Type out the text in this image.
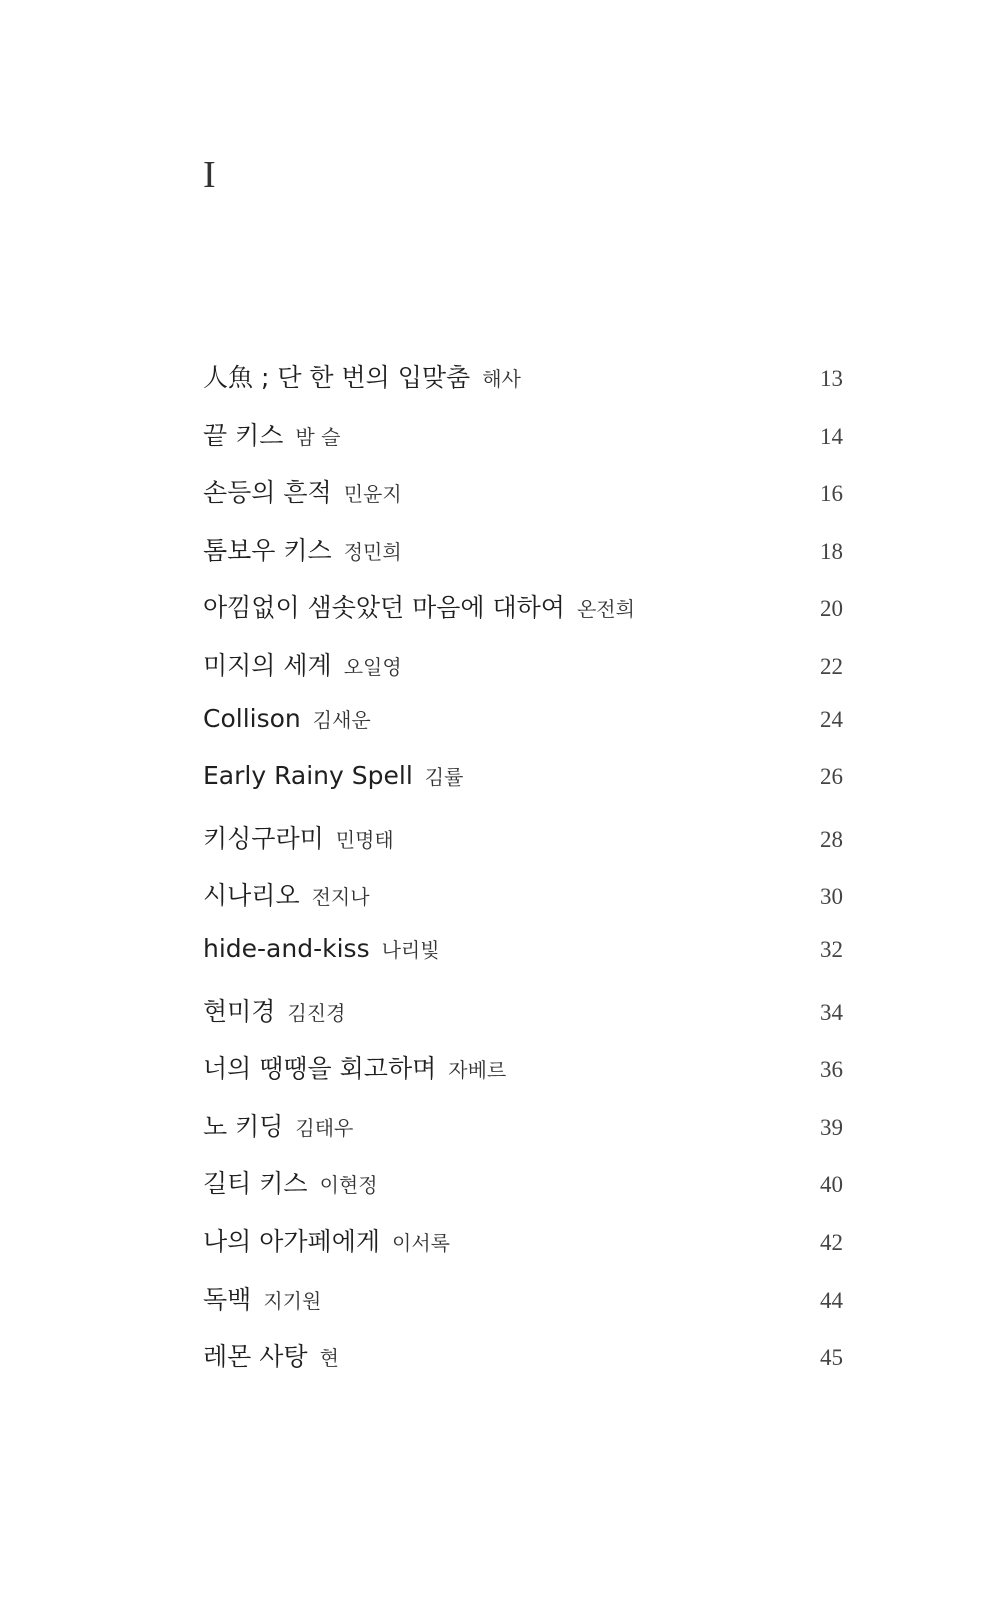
I
人魚 ; 단 한 번의 입맞춤 해사	13
끝 키스 밤 슬	14
손등의 흔적 민윤지	16
톰보우 키스 정민희	18
아낌없이 샘솟았던 마음에 대하여 온전희	20
미지의 세계 오일영	22
Collison 김새운	24
Early Rainy Spell 김률	26
키싱구라미 민명태	28
시나리오 전지나	30
hide-and-kiss 나리빛	32
현미경 김진경	34
너의 땡땡을 회고하며 자베르	36
노 키딩 김태우	39
길티 키스 이현정	40
나의 아가페에게 이서록	42
독백 지기원	44
레몬 사탕 현	45
